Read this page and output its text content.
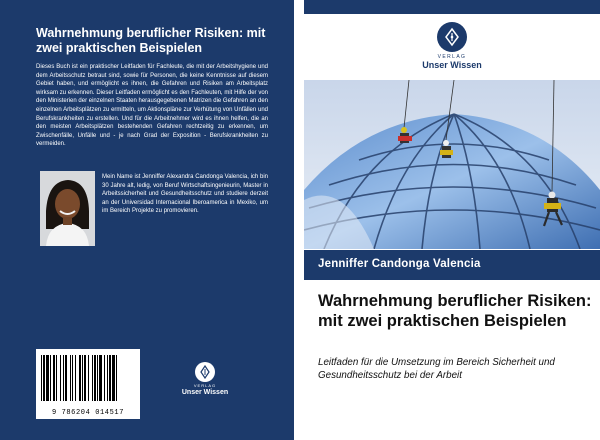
Wahrnehmung beruflicher Risiken: mit zwei praktischen Beispielen
Dieses Buch ist ein praktischer Leitfaden für Fachleute, die mit der Arbeitshygiene und dem Arbeitsschutz betraut sind, sowie für Personen, die keine Kenntnisse auf diesem Gebiet haben, und ermöglicht es ihnen, die Gefahren und Risiken am Arbeitsplatz wirksam zu erkennen. Dieser Leitfaden ermöglicht es den Fachleuten, mit Hilfe der von den Ministerien der einzelnen Staaten herausgegebenen Matrizen die Gefahren an den einzelnen Arbeitsplätzen zu ermitteln, um Aktionspläne zur Verhütung von Unfällen und Berufskrankheiten zu erstellen. Und für die Arbeitnehmer wird es ihnen helfen, die an den meisten Arbeitsplätzen bestehenden Gefahren rechtzeitig zu erkennen, um Zwischenfälle, Unfälle und - je nach Grad der Exposition - Berufskrankheiten zu vermeiden.
Mein Name ist Jenniffer Alexandra Candonga Valencia, ich bin 30 Jahre alt, ledig, von Beruf Wirtschaftsingenieurin, Master in Arbeitssicherheit und Gesundheitsschutz und studiere derzeit an der Universidad Internacional Iberoamerica in Mexiko, um im Bereich Projekte zu promovieren.
9 786204 014517
VERLAG
Unser Wissen
VERLAG
Unser Wissen
Jenniffer Candonga Valencia
Wahrnehmung beruflicher Risiken: mit zwei praktischen Beispielen
Leitfaden für die Umsetzung im Bereich Sicherheit und Gesundheitsschutz bei der Arbeit
